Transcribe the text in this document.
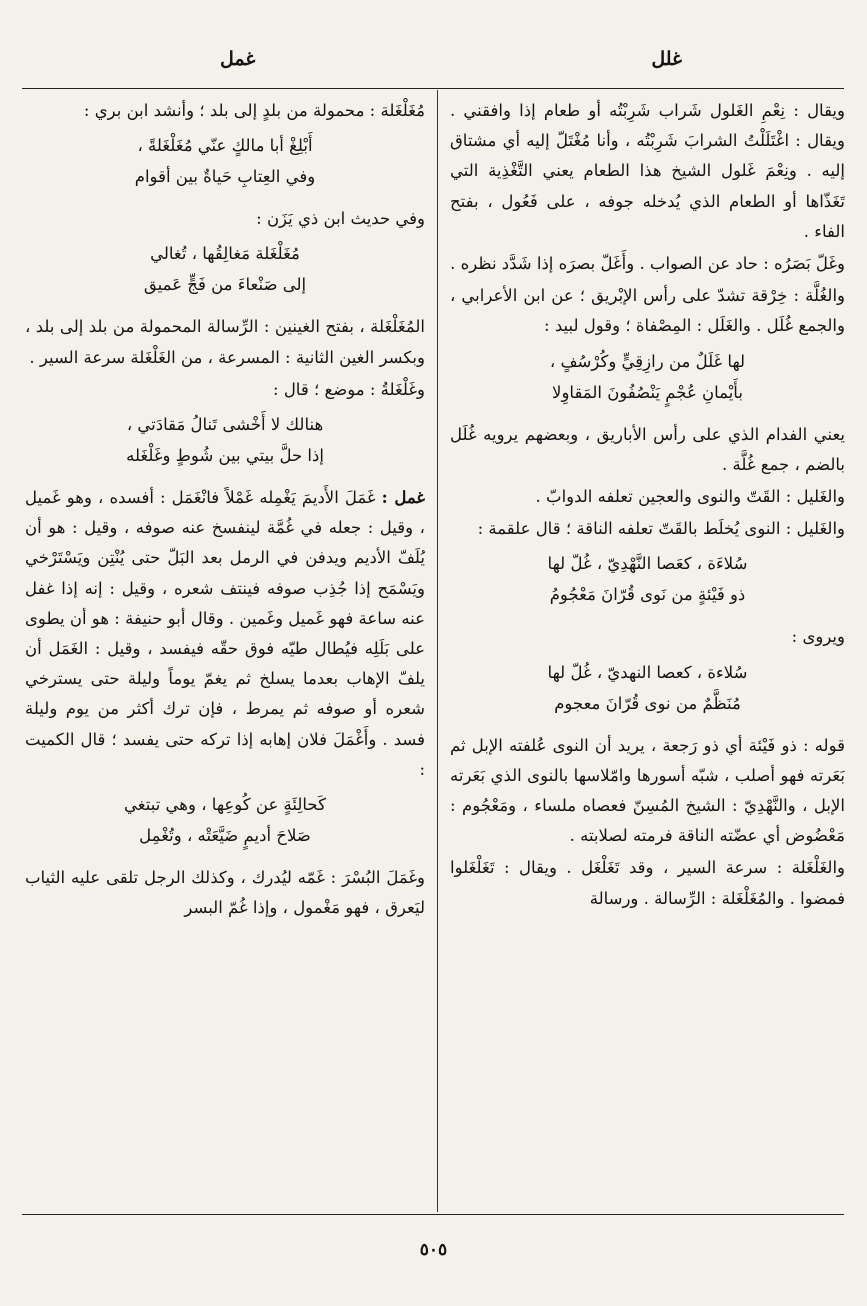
غلل
غمل

ويقال : نِعْمِ الغَلول شَراب شَرِبْتُه أو طعام إذا وافقني . ويقال : اغْتَلَلْتُ الشرابَ شَرِبْتُه ، وأنا مُغْتَلّ إليه أي مشتاق إليه . ونِعْمَ غَلول الشيخ هذا الطعام يعني التَّغْذِية التي تَغَذّاها أو الطعام الذي يُدخله جوفه ، على فَعُول ، بفتح الفاء .

وغَلّ بَصَرُه : حاد عن الصواب . وأَغَلّ بصرَه إذا شَدَّد نظره .

والغُلَّة : خِرْقة تشدّ على رأس الإبْريق ؛ عن ابن الأعرابي ، والجمع غُلَل . والغَلَل : المِصْفاة ؛ وقول لبيد :

لها غَلَلٌ من رازِقِيٍّ وكُرْسُفٍ ،
بأَيْمانِ عُجْمٍ يَنْصُفُونَ المَقاوِلا

يعني الفدام الذي على رأس الأباريق ، وبعضهم يرويه غُلَل بالضم ، جمع غُلَّة .

والغَليل : القَتّ والنوى والعجين تعلفه الدوابّ .

والغَليل : النوى يُخلَط بالقَتّ تعلفه الناقة ؛ قال علقمة :

سُلاءَة ، كعَصا النَّهْدِيّ ، غُلّ لها
ذو فَيْئةٍ من نَوى قُرّانَ مَعْجُومُ

ويروى :

سُلاءة ، كعصا النهديّ ، غُلّ لها
مُنَظَّمٌ من نوى قُرّانَ معجوم

قوله : ذو فَيْئة أي ذو رَجعة ، يريد أن النوى عُلفته الإبل ثم بَعَرته فهو أصلب ، شبّه أسورها وامّلاسها بالنوى الذي بَعَرته الإبل ، والنَّهْدِيّ : الشيخ المُسِنّ فعصاه ملساء ، ومَعْجُوم : مَعْضُوض أي عضّته الناقة فرمته لصلابته .

والغَلْغَلة : سرعة السير ، وقد تَغَلْغَل . ويقال : تَغَلْغَلوا فمضوا . والمُغَلْغَلة : الرِّسالة . ورسالة

مُغَلْغَلة : محمولة من بلدٍ إلى بلد ؛ وأنشد ابن بري :

أَبْلِغْ أبا مالكٍ عنّي مُغَلْغَلةً ،
وفي العِتابِ حَياةٌ بين أقوام

وفي حديث ابن ذي يَزَن :

مُغَلْغَلة مَغالِقُها ، تُغالي
إلى صَنْعاءَ من فَجٍّ عَميق

المُغَلْغَلة ، بفتح الغينين : الرِّسالة المحمولة من بلد إلى بلد ، وبكسر الغين الثانية : المسرعة ، من الغَلْغَلة سرعة السير .

وغَلْغَلةُ : موضع ؛ قال :

هنالك لا أَخْشى تَنالُ مَقادَتي ،
إذا حلَّ بيتي بين شُوطٍ وغَلْغَله

غمل : غَمَلَ الأَديمَ يَغْمِله غَمْلاً فانْغَمَل : أفسده ، وهو غَميل ، وقيل : جعله في غُمَّة لينفسخ عنه صوفه ، وقيل : هو أن يُلَفّ الأديم ويدفن في الرمل بعد البَلّ حتى يُنْتِن ويَسْتَرْخي ويَسْمَح إذا جُذِب صوفه فينتف شعره ، وقيل : إنه إذا غفل عنه ساعة فهو غَميل وغَمين . وقال أبو حنيفة : هو أن يطوى على بَلَلِه فيُطال طيّه فوق حقّه فيفسد ، وقيل : الغَمَل أن يلفّ الإهاب بعدما يسلخ ثم يغمّ يوماً وليلة حتى يسترخي شعره أو صوفه ثم يمرط ، فإن ترك أكثر من يوم وليلة فسد . وأَغْمَلَ فلان إهابه إذا تركه حتى يفسد ؛ قال الكميت :

كَحالِئَةٍ عن كُوعِها ، وهي تبتغي
صَلاحَ أديمٍ ضَيَّعَتْه ، وتُغْمِل

وغَمَلَ البُسْرَ : غَمّه ليُدرك ، وكذلك الرجل تلقى عليه الثياب ليَعرق ، فهو مَغْمول ، وإذا غُمّ البسر

٥٠٥
